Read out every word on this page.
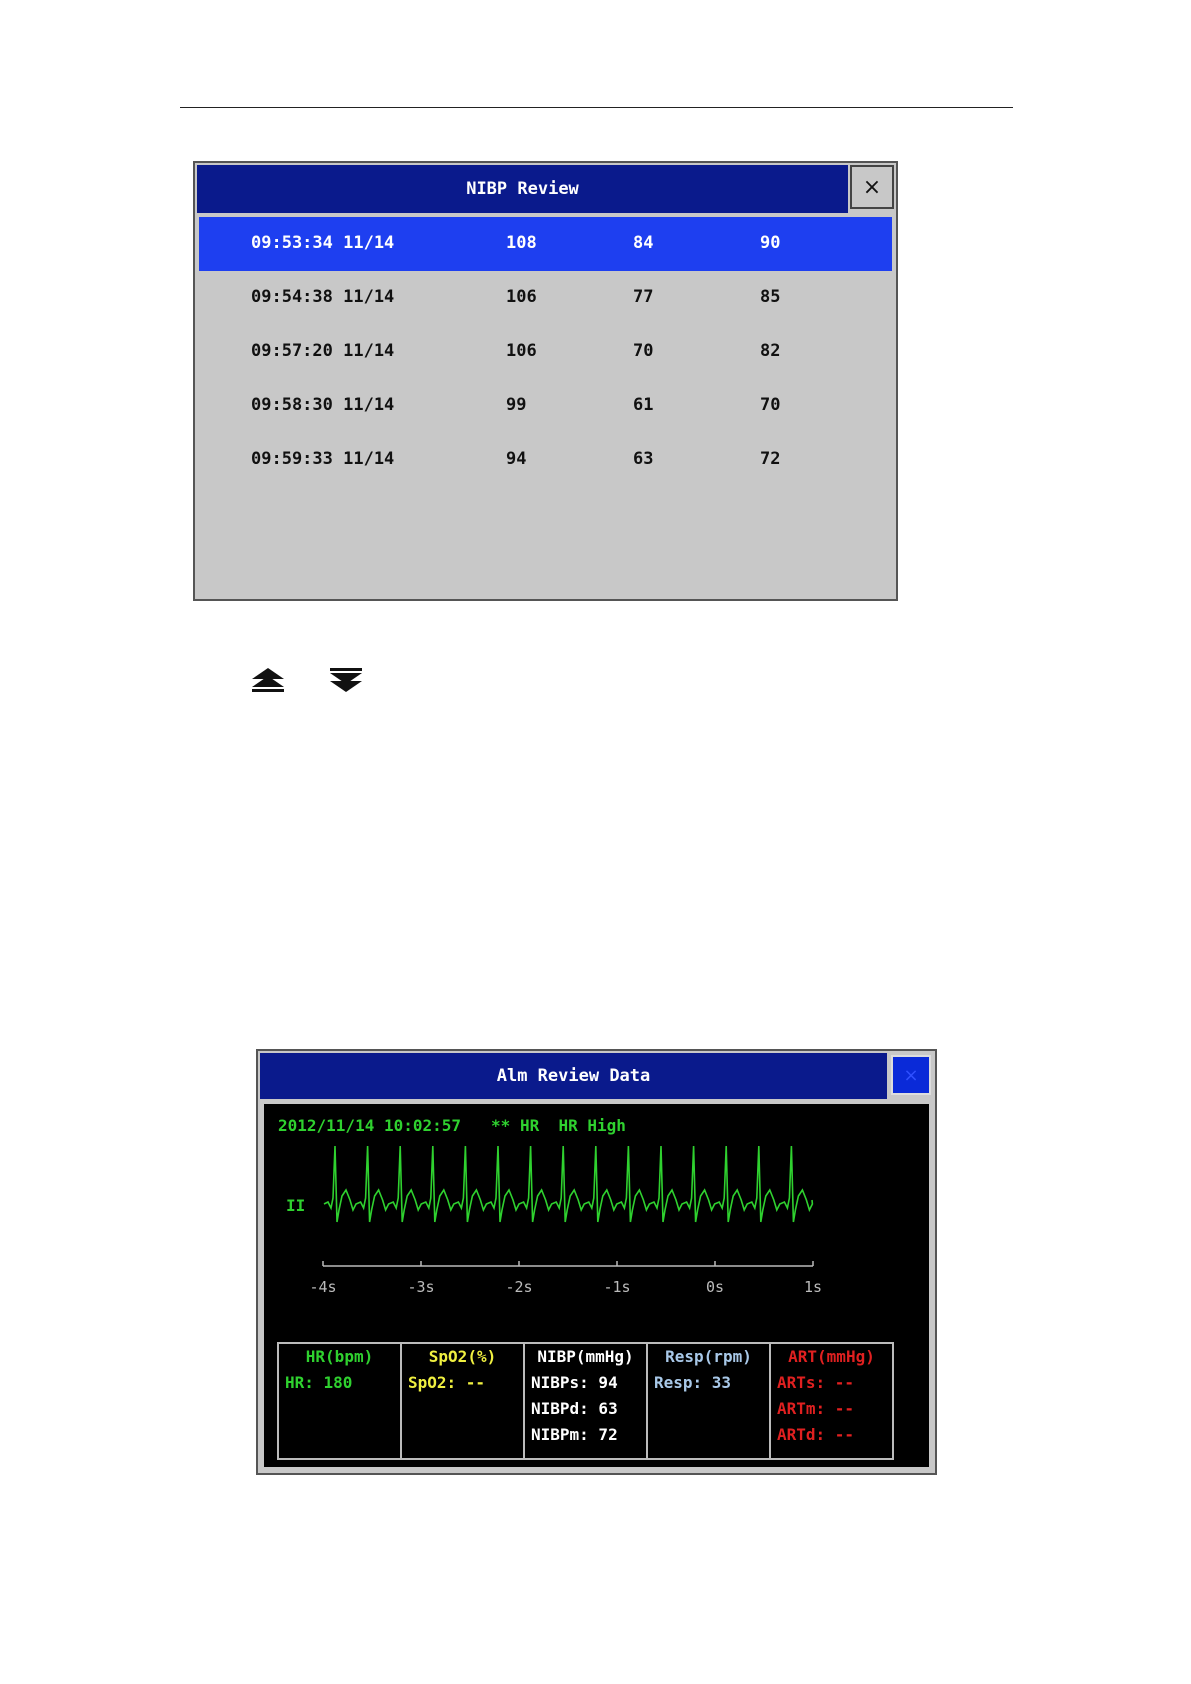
NIBP Review	×
09:53:34 11/14	108	84	90
09:54:38 11/14	106	77	85
09:57:20 11/14	106	70	82
09:58:30 11/14	99	61	70
09:59:33 11/14	94	63	72
Alm Review Data	×
-4s	-3s	-2s	-1s	0s	1s
2012/11/14 10:02:57 ** HR HR High
II
HR(bpm)
HR: 180

SpO2(%)
SpO2: --

NIBP(mmHg)
NIBPs: 94
NIBPd: 63
NIBPm: 72

Resp(rpm)
Resp: 33

ART(mmHg)
ARTs: --
ARTm: --
ARTd: --
